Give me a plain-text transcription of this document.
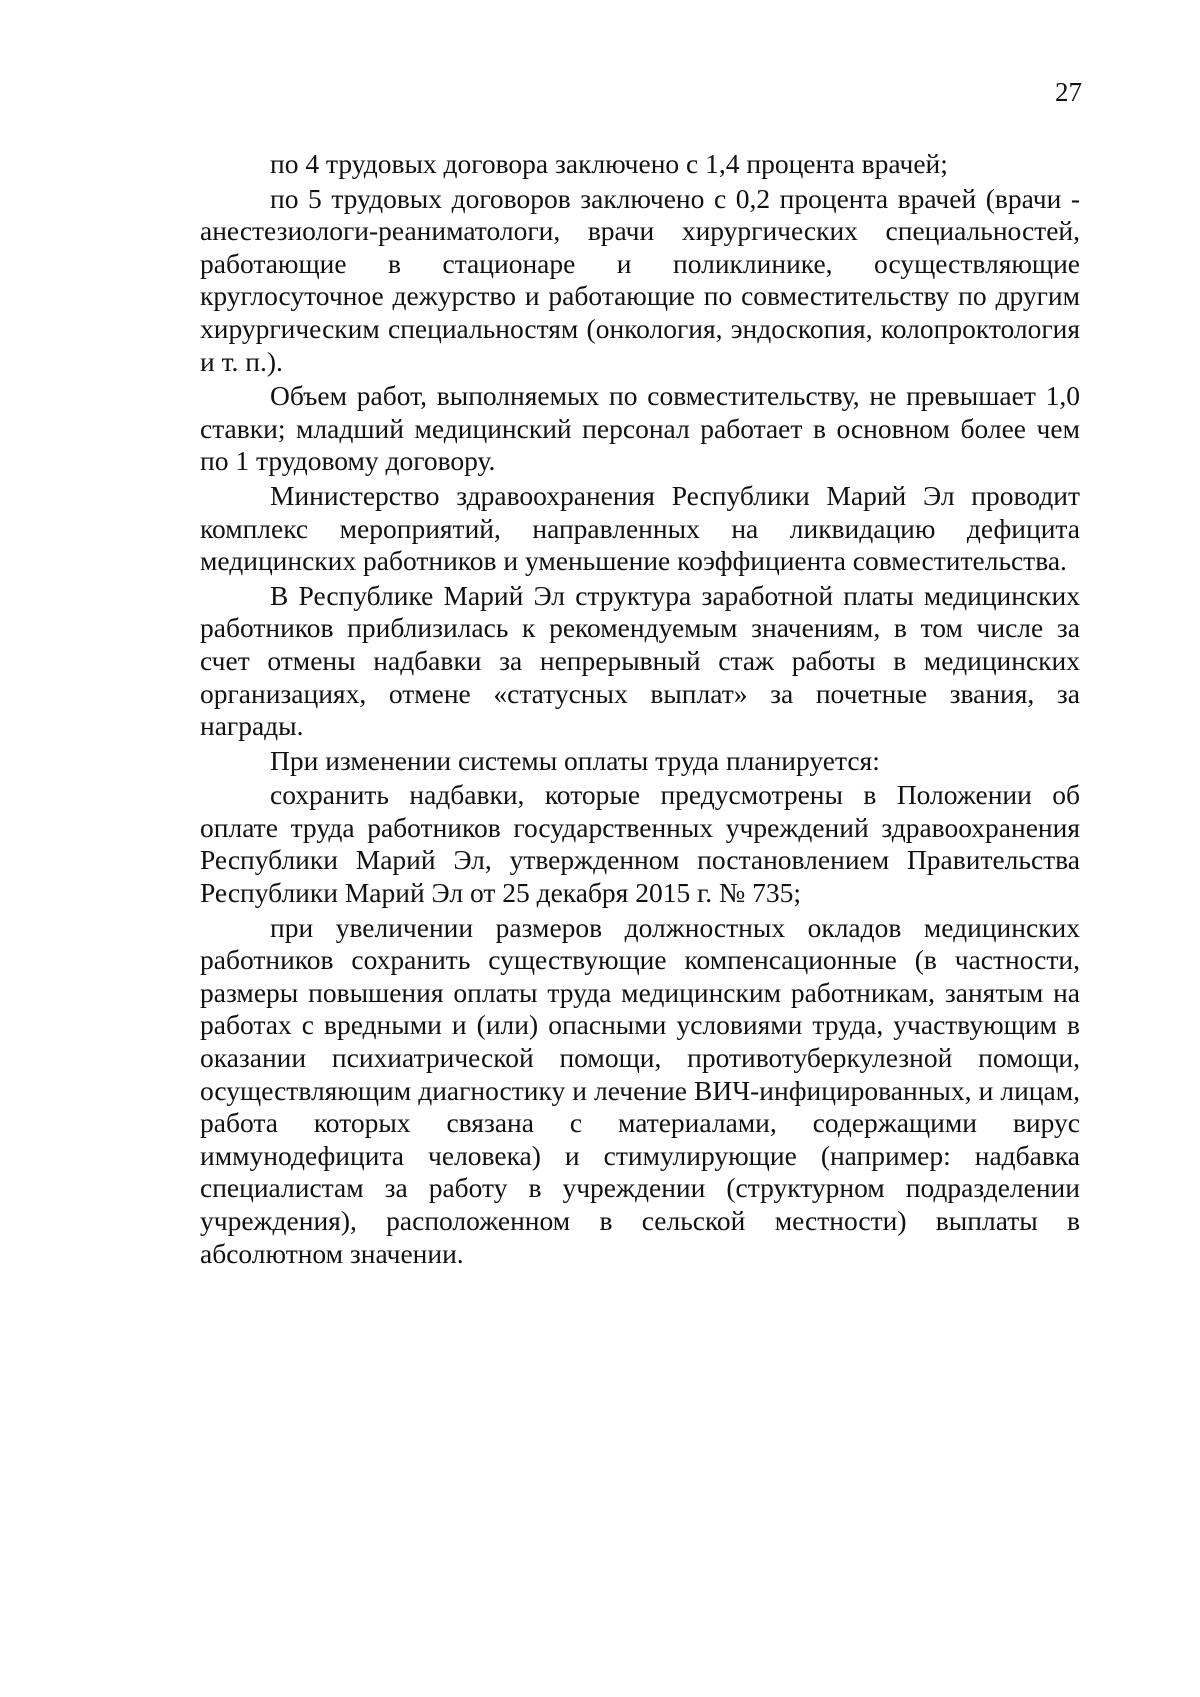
27

по 4 трудовых договора заключено с 1,4 процента врачей;

по 5 трудовых договоров заключено с 0,2 процента врачей (врачи - анестезиологи-реаниматологи, врачи хирургических специальностей, работающие в стационаре и поликлинике, осуществляющие круглосуточное дежурство и работающие по совместительству по другим хирургическим специальностям (онкология, эндоскопия, колопроктология и т. п.).

Объем работ, выполняемых по совместительству, не превышает 1,0 ставки; младший медицинский персонал работает в основном более чем по 1 трудовому договору.

Министерство здравоохранения Республики Марий Эл проводит комплекс мероприятий, направленных на ликвидацию дефицита медицинских работников и уменьшение коэффициента совместительства.

В Республике Марий Эл структура заработной платы медицинских работников приблизилась к рекомендуемым значениям, в том числе за счет отмены надбавки за непрерывный стаж работы в медицинских организациях, отмене «статусных выплат» за почетные звания, за награды.

При изменении системы оплаты труда планируется:

сохранить надбавки, которые предусмотрены в Положении об оплате труда работников государственных учреждений здравоохранения Республики Марий Эл, утвержденном постановлением Правительства Республики Марий Эл от 25 декабря 2015 г. № 735;

при увеличении размеров должностных окладов медицинских работников сохранить существующие компенсационные (в частности, размеры повышения оплаты труда медицинским работникам, занятым на работах с вредными и (или) опасными условиями труда, участвующим в оказании психиатрической помощи, противотуберкулезной помощи, осуществляющим диагностику и лечение ВИЧ-инфицированных, и лицам, работа которых связана с материалами, содержащими вирус иммунодефицита человека) и стимулирующие (например: надбавка специалистам за работу в учреждении (структурном подразделении учреждения), расположенном в сельской местности) выплаты в абсолютном значении.
